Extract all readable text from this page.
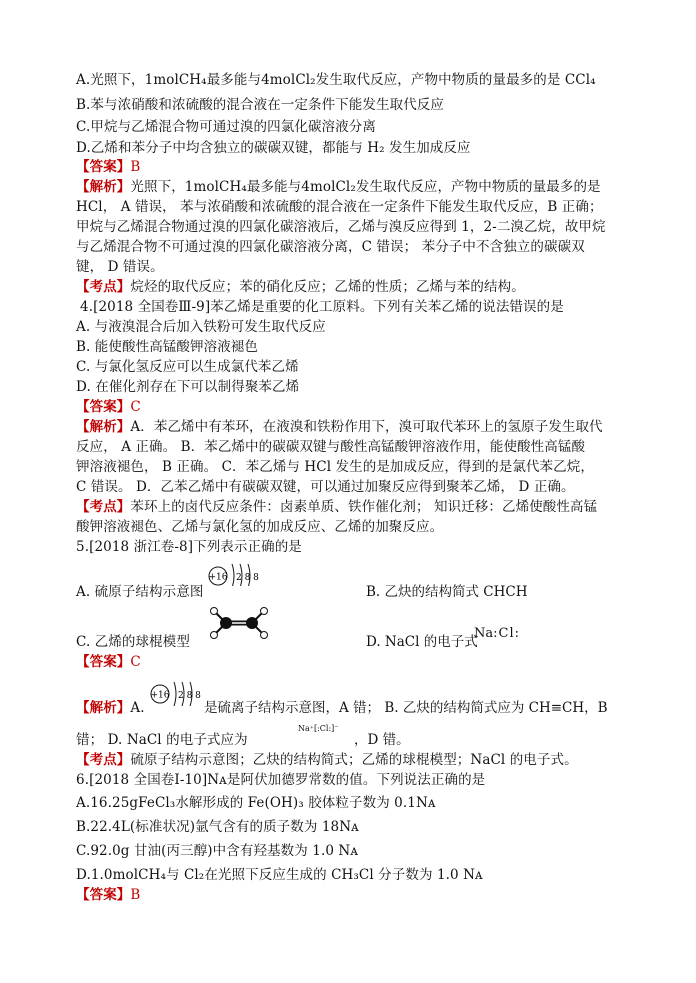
A.光照下，1molCH₄最多能与4molCl₂发生取代反应，产物中物质的量最多的是 CCl₄
B.苯与浓硝酸和浓硫酸的混合液在一定条件下能发生取代反应
C.甲烷与乙烯混合物可通过溴的四氯化碳溶液分离
D.乙烯和苯分子中均含独立的碳碳双键，都能与 H₂ 发生加成反应
【答案】B
【解析】光照下，1molCH₄最多能与4molCl₂发生取代反应，产物中物质的量最多的是
HCl， A 错误， 苯与浓硝酸和浓硫酸的混合液在一定条件下能发生取代反应，B 正确；
甲烷与乙烯混合物通过溴的四氯化碳溶液后，乙烯与溴反应得到 1，2-二溴乙烷，故甲烷
与乙烯混合物不可通过溴的四氯化碳溶液分离，C 错误； 苯分子中不含独立的碳碳双
键， D 错误。
【考点】烷烃的取代反应；苯的硝化反应；乙烯的性质；乙烯与苯的结构。
4.[2018 全国卷Ⅲ-9]苯乙烯是重要的化工原料。下列有关苯乙烯的说法错误的是
A. 与液溴混合后加入铁粉可发生取代反应
B. 能使酸性高锰酸钾溶液褪色
C. 与氯化氢反应可以生成氯代苯乙烯
D. 在催化剂存在下可以制得聚苯乙烯
【答案】C
【解析】A．苯乙烯中有苯环，在液溴和铁粉作用下，溴可取代苯环上的氢原子发生取代
反应， A 正确。 B．苯乙烯中的碳碳双键与酸性高锰酸钾溶液作用，能使酸性高锰酸
钾溶液褪色， B 正确。 C．苯乙烯与 HCl 发生的是加成反应，得到的是氯代苯乙烷，
C 错误。 D．乙苯乙烯中有碳碳双键，可以通过加聚反应得到聚苯乙烯， D 正确。
【考点】苯环上的卤代反应条件：卤素单质、铁作催化剂； 知识迁移：乙烯使酸性高锰
酸钾溶液褪色、乙烯与氯化氢的加成反应、乙烯的加聚反应。
5.[2018 浙江卷-8]下列表示正确的是
+16 2 8 8
A. 硫原子结构示意图	B. 乙炔的结构简式 CHCH
C. 乙烯的球棍模型	D. NaCl 的电子式
Na:Cl:
【答案】C
+16 2 8 8
【解析】A.	是硫离子结构示意图，A 错； B. 乙炔的结构简式应为 CH≡CH，B
错； D. NaCl 的电子式应为
Na⁺[:Cl:]⁻
，D 错。
【考点】硫原子结构示意图；乙炔的结构简式；乙烯的球棍模型；NaCl 的电子式。
6.[2018 全国卷Ⅰ-10]Nᴀ是阿伏加德罗常数的值。下列说法正确的是
A.16.25gFeCl₃水解形成的 Fe(OH)₃ 胶体粒子数为 0.1Nᴀ
B.22.4L(标准状况)氩气含有的质子数为 18Nᴀ
C.92.0g 甘油(丙三醇)中含有羟基数为 1.0 Nᴀ
D.1.0molCH₄与 Cl₂在光照下反应生成的 CH₃Cl 分子数为 1.0 Nᴀ
【答案】B
